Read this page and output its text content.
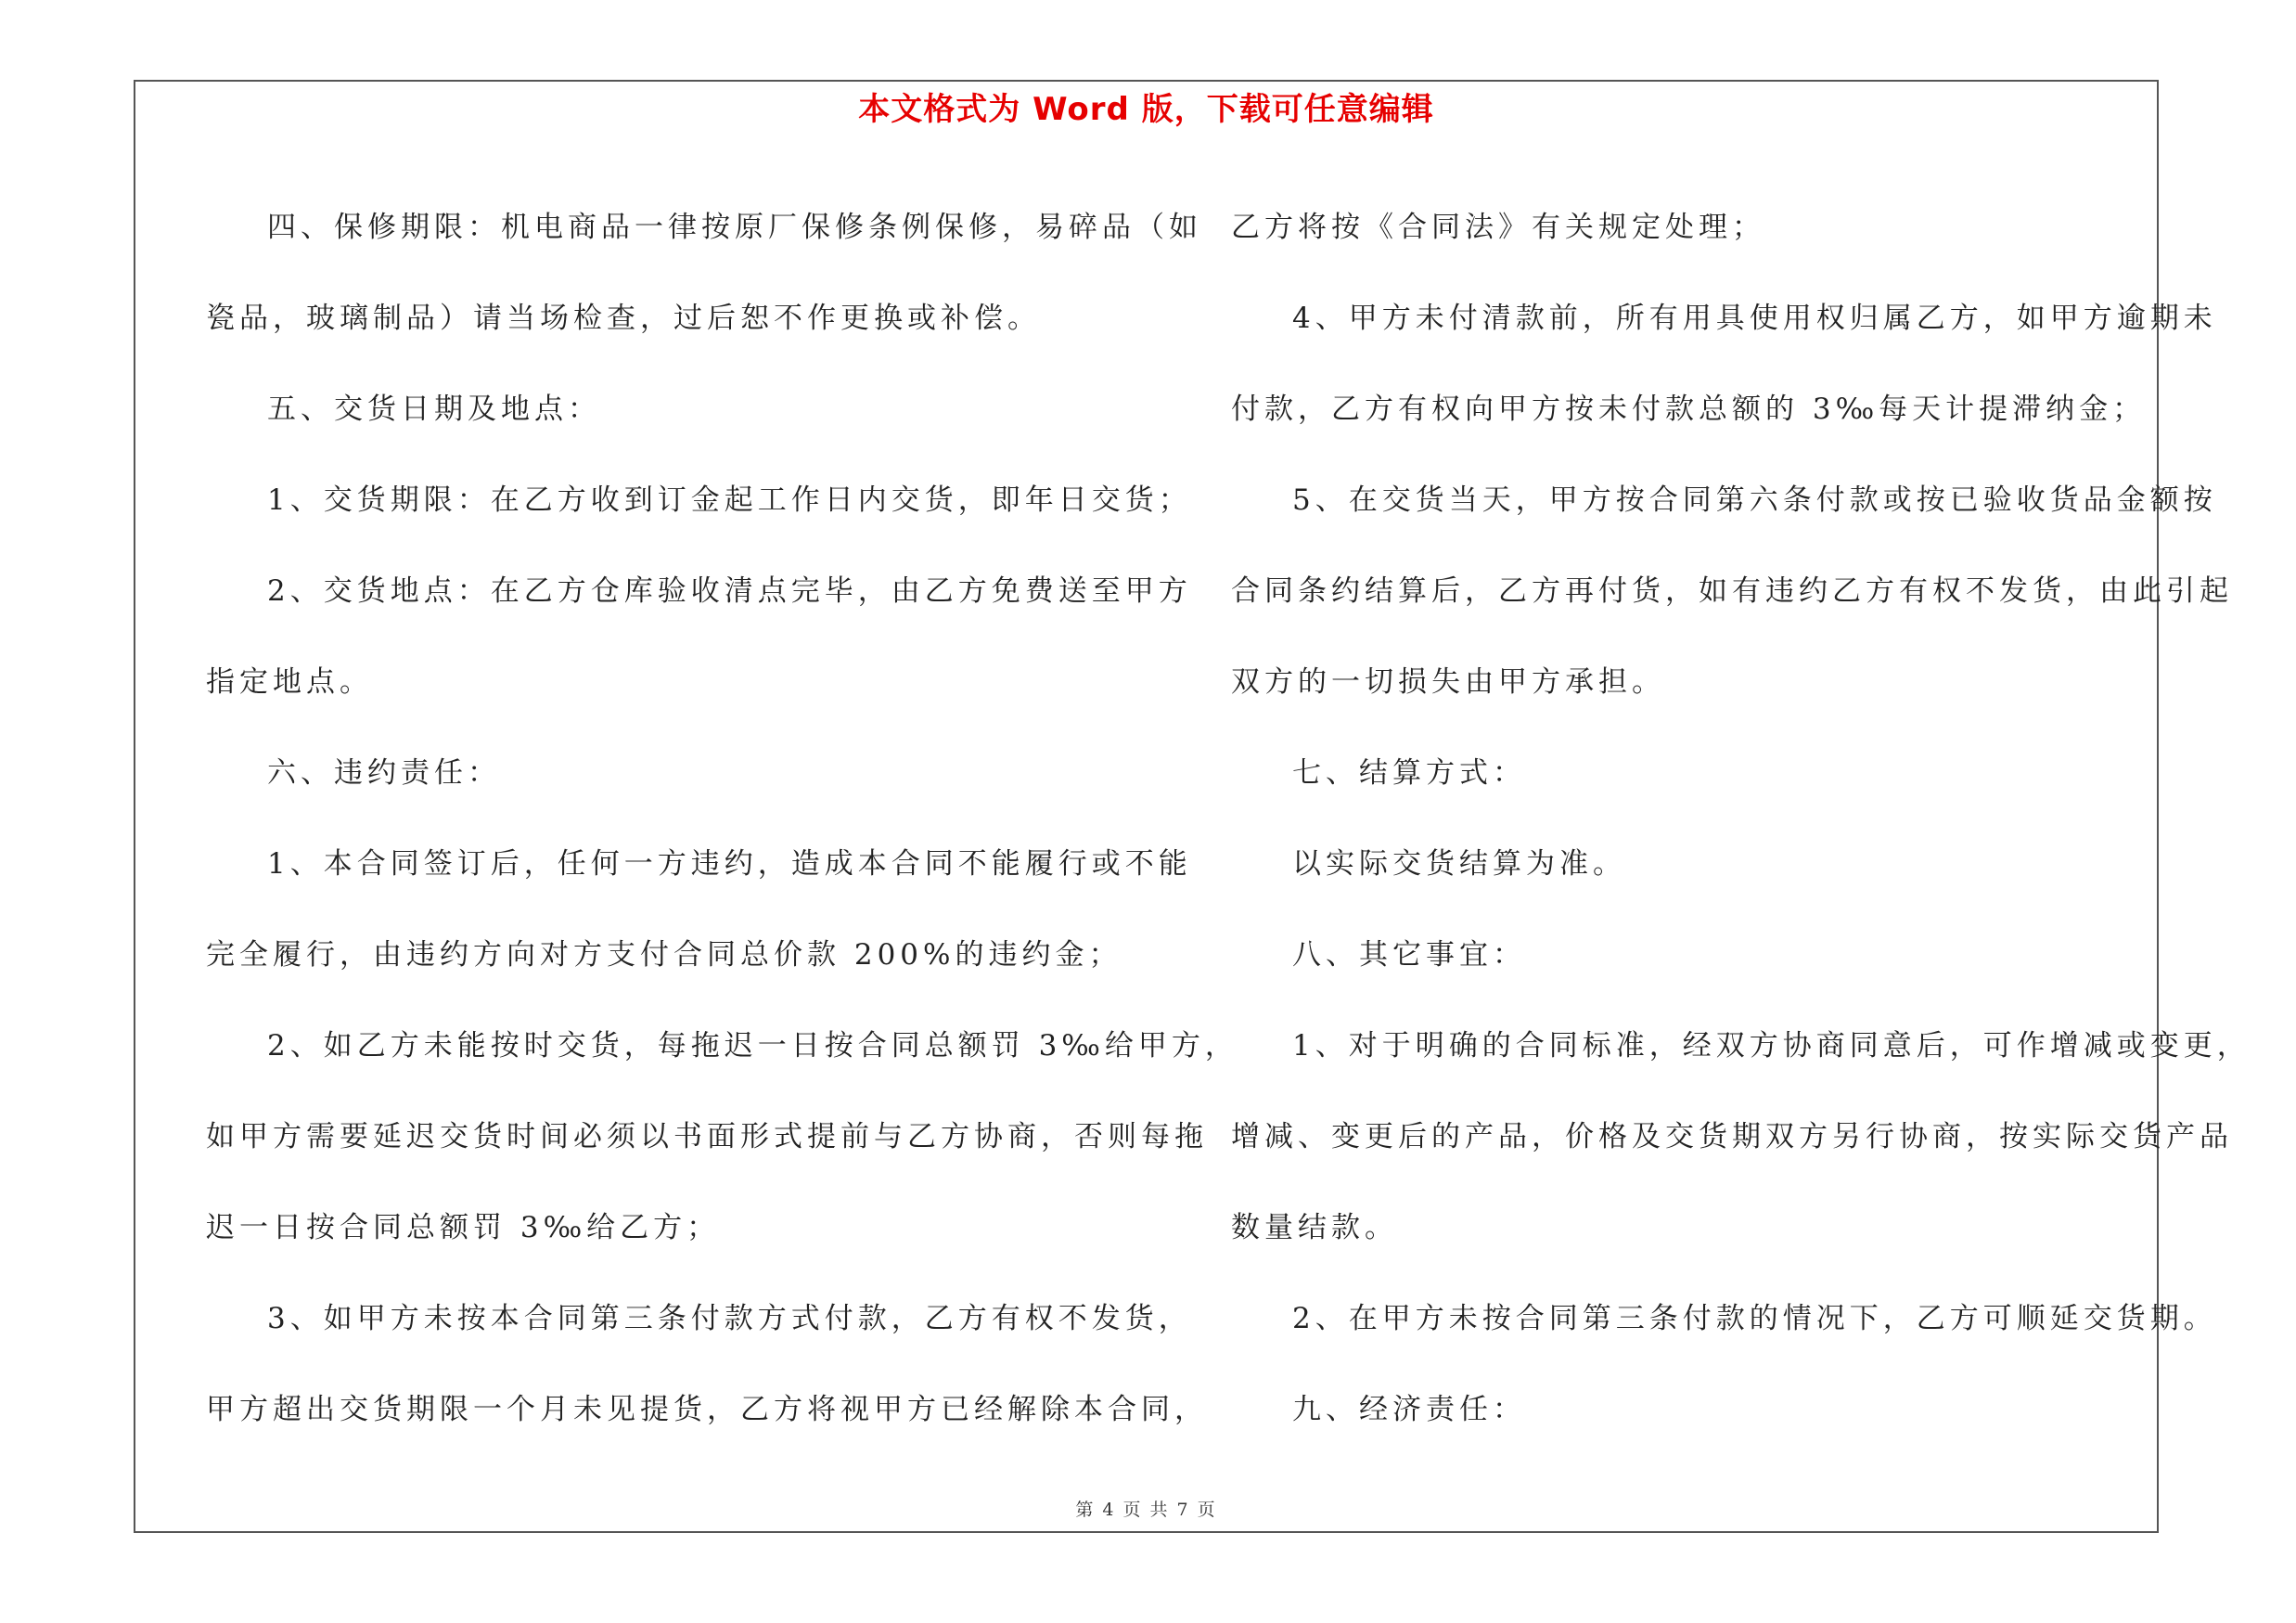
本文格式为 Word 版，下载可任意编辑
四、保修期限：机电商品一律按原厂保修条例保修，易碎品（如
瓷品，玻璃制品）请当场检查，过后恕不作更换或补偿。
五、交货日期及地点：
1、交货期限：在乙方收到订金起工作日内交货，即年日交货；
2、交货地点：在乙方仓库验收清点完毕，由乙方免费送至甲方
指定地点。
六、违约责任：
1、本合同签订后，任何一方违约，造成本合同不能履行或不能
完全履行，由违约方向对方支付合同总价款 200%的违约金；
2、如乙方未能按时交货，每拖迟一日按合同总额罚 3‰给甲方，
如甲方需要延迟交货时间必须以书面形式提前与乙方协商，否则每拖
迟一日按合同总额罚 3‰给乙方；
3、如甲方未按本合同第三条付款方式付款，乙方有权不发货，
甲方超出交货期限一个月未见提货，乙方将视甲方已经解除本合同，
乙方将按《合同法》有关规定处理；
4、甲方未付清款前，所有用具使用权归属乙方，如甲方逾期未
付款，乙方有权向甲方按未付款总额的 3‰每天计提滞纳金；
5、在交货当天，甲方按合同第六条付款或按已验收货品金额按
合同条约结算后，乙方再付货，如有违约乙方有权不发货，由此引起
双方的一切损失由甲方承担。
七、结算方式：
以实际交货结算为准。
八、其它事宜：
1、对于明确的合同标准，经双方协商同意后，可作增减或变更，
增减、变更后的产品，价格及交货期双方另行协商，按实际交货产品
数量结款。
2、在甲方未按合同第三条付款的情况下，乙方可顺延交货期。
九、经济责任：
第 4 页 共 7 页
